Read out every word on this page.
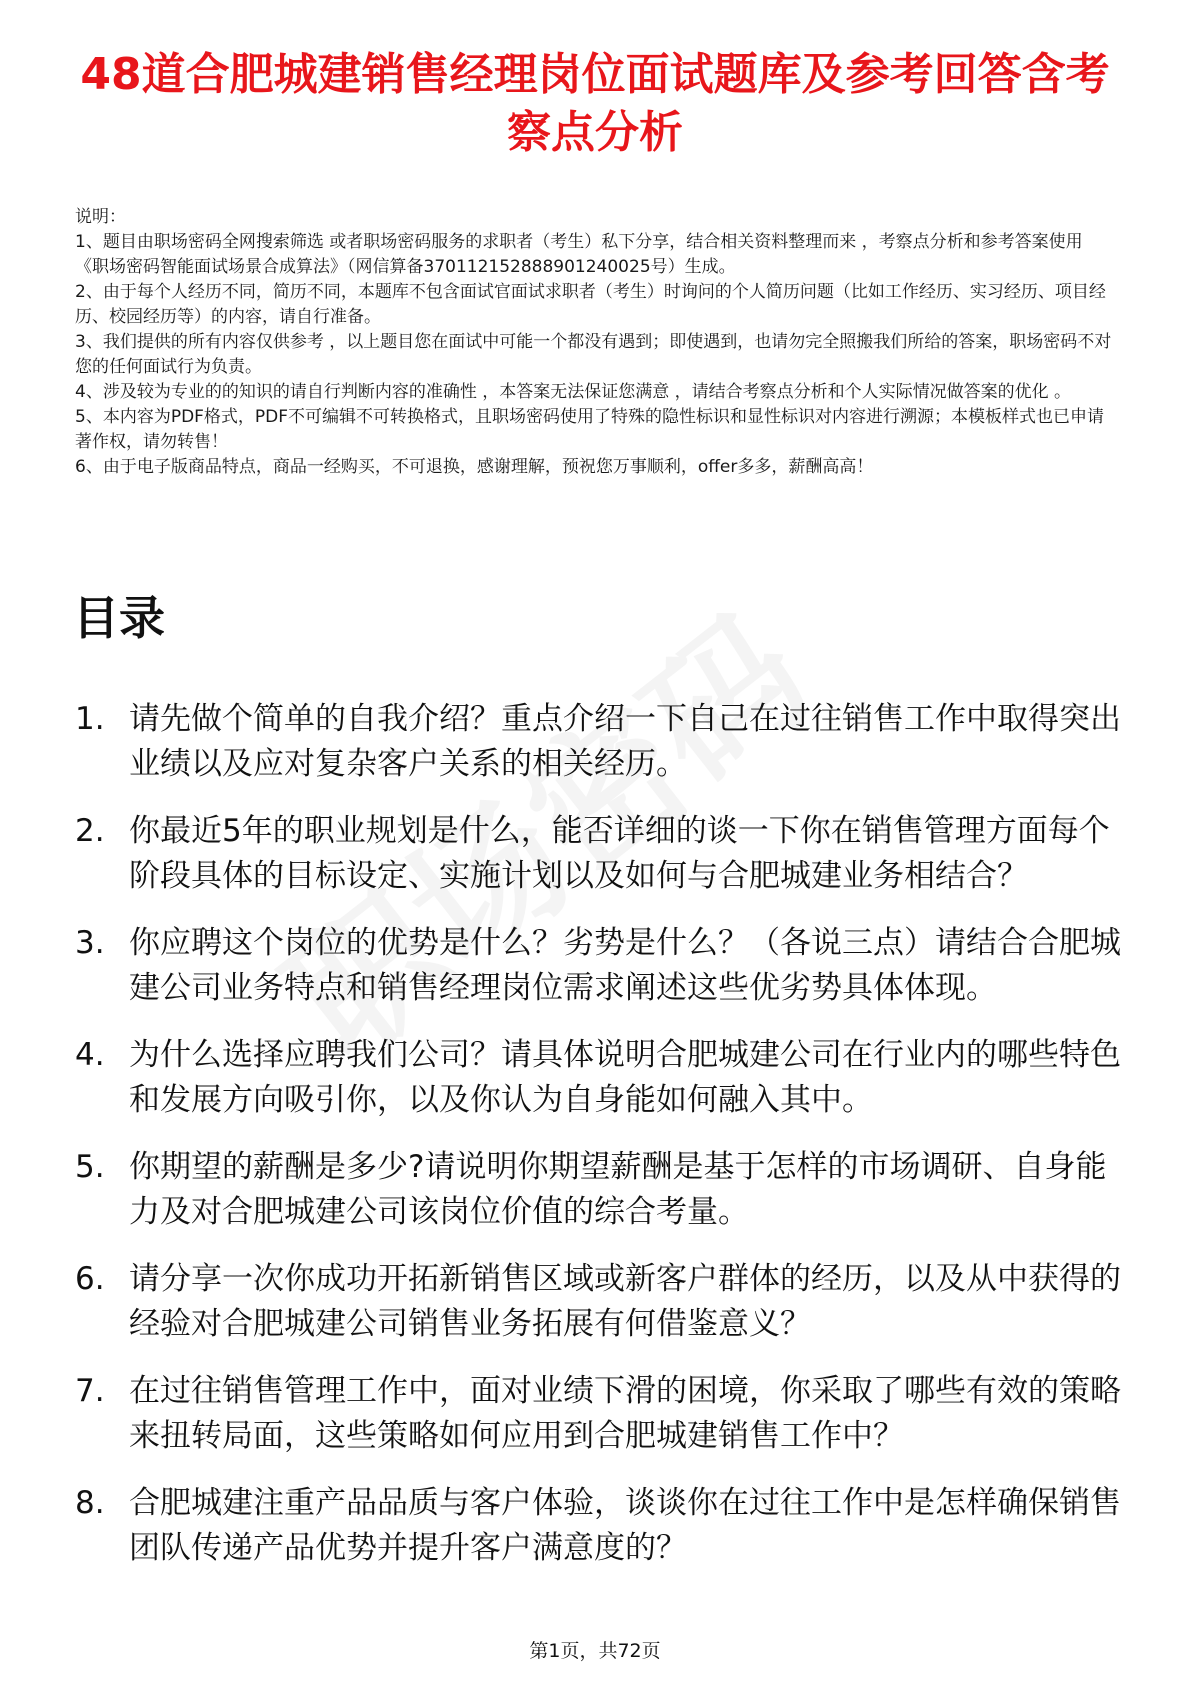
48道合肥城建销售经理岗位面试题库及参考回答含考察点分析

说明：

1、题目由职场密码全网搜索筛选 或者职场密码服务的求职者（考生）私下分享，结合相关资料整理而来 ，考察点分析和参考答案使用《职场密码智能面试场景合成算法》（网信算备370112152888901240025号）生成。

2、由于每个人经历不同，简历不同，本题库不包含面试官面试求职者（考生）时询问的个人简历问题（比如工作经历、实习经历、项目经历、校园经历等）的内容，请自行准备。

3、我们提供的所有内容仅供参考 ，以上题目您在面试中可能一个都没有遇到；即使遇到，也请勿完全照搬我们所给的答案，职场密码不对您的任何面试行为负责。

4、涉及较为专业的的知识的请自行判断内容的准确性 ，本答案无法保证您满意 ，请结合考察点分析和个人实际情况做答案的优化 。

5、本内容为PDF格式，PDF不可编辑不可转换格式，且职场密码使用了特殊的隐性标识和显性标识对内容进行溯源；本模板样式也已申请著作权，请勿转售！

6、由于电子版商品特点，商品一经购买，不可退换，感谢理解，预祝您万事顺利，offer多多，薪酬高高！

目录
1. 请先做个简单的自我介绍？重点介绍一下自己在过往销售工作中取得突出业绩以及应对复杂客户关系的相关经历。
2. 你最近5年的职业规划是什么，能否详细的谈一下你在销售管理方面每个阶段具体的目标设定、实施计划以及如何与合肥城建业务相结合？
3. 你应聘这个岗位的优势是什么？劣势是什么？（各说三点）请结合合肥城建公司业务特点和销售经理岗位需求阐述这些优劣势具体体现。
4. 为什么选择应聘我们公司？请具体说明合肥城建公司在行业内的哪些特色和发展方向吸引你，以及你认为自身能如何融入其中。
5. 你期望的薪酬是多少?请说明你期望薪酬是基于怎样的市场调研、自身能力及对合肥城建公司该岗位价值的综合考量。
6. 请分享一次你成功开拓新销售区域或新客户群体的经历，以及从中获得的经验对合肥城建公司销售业务拓展有何借鉴意义？
7. 在过往销售管理工作中，面对业绩下滑的困境，你采取了哪些有效的策略来扭转局面，这些策略如何应用到合肥城建销售工作中？
8. 合肥城建注重产品品质与客户体验，谈谈你在过往工作中是怎样确保销售团队传递产品优势并提升客户满意度的？
第1页，共72页
